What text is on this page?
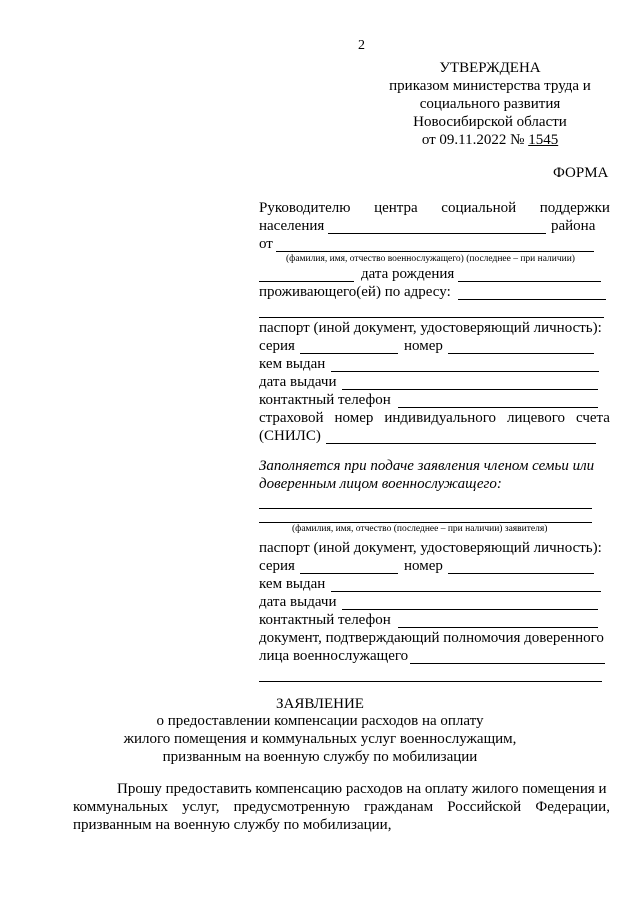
2
УТВЕРЖДЕНА
приказом министерства труда и
социального развития
Новосибирской области
от 09.11.2022 № 1545
ФОРМА
Руководителю центра социальной поддержки
населения	района
от
(фамилия, имя, отчество военнослужащего) (последнее – при наличии)
дата рождения
проживающего(ей) по адресу:
паспорт (иной документ, удостоверяющий личность):
серия	номер
кем выдан
дата выдачи
контактный телефон
страховой номер индивидуального лицевого счета
(СНИЛС)
Заполняется при подаче заявления членом семьи или
доверенным лицом военнослужащего:
(фамилия, имя, отчество (последнее – при наличии) заявителя)
паспорт (иной документ, удостоверяющий личность):
серия	номер
кем выдан
дата выдачи
контактный телефон
документ, подтверждающий полномочия доверенного
лица военнослужащего
ЗАЯВЛЕНИЕ
о предоставлении компенсации расходов на оплату
жилого помещения и коммунальных услуг военнослужащим,
призванным на военную службу по мобилизации
Прошу предоставить компенсацию расходов на оплату жилого помещения и
коммунальных услуг, предусмотренную гражданам Российской Федерации,
призванным на военную службу по мобилизации,
